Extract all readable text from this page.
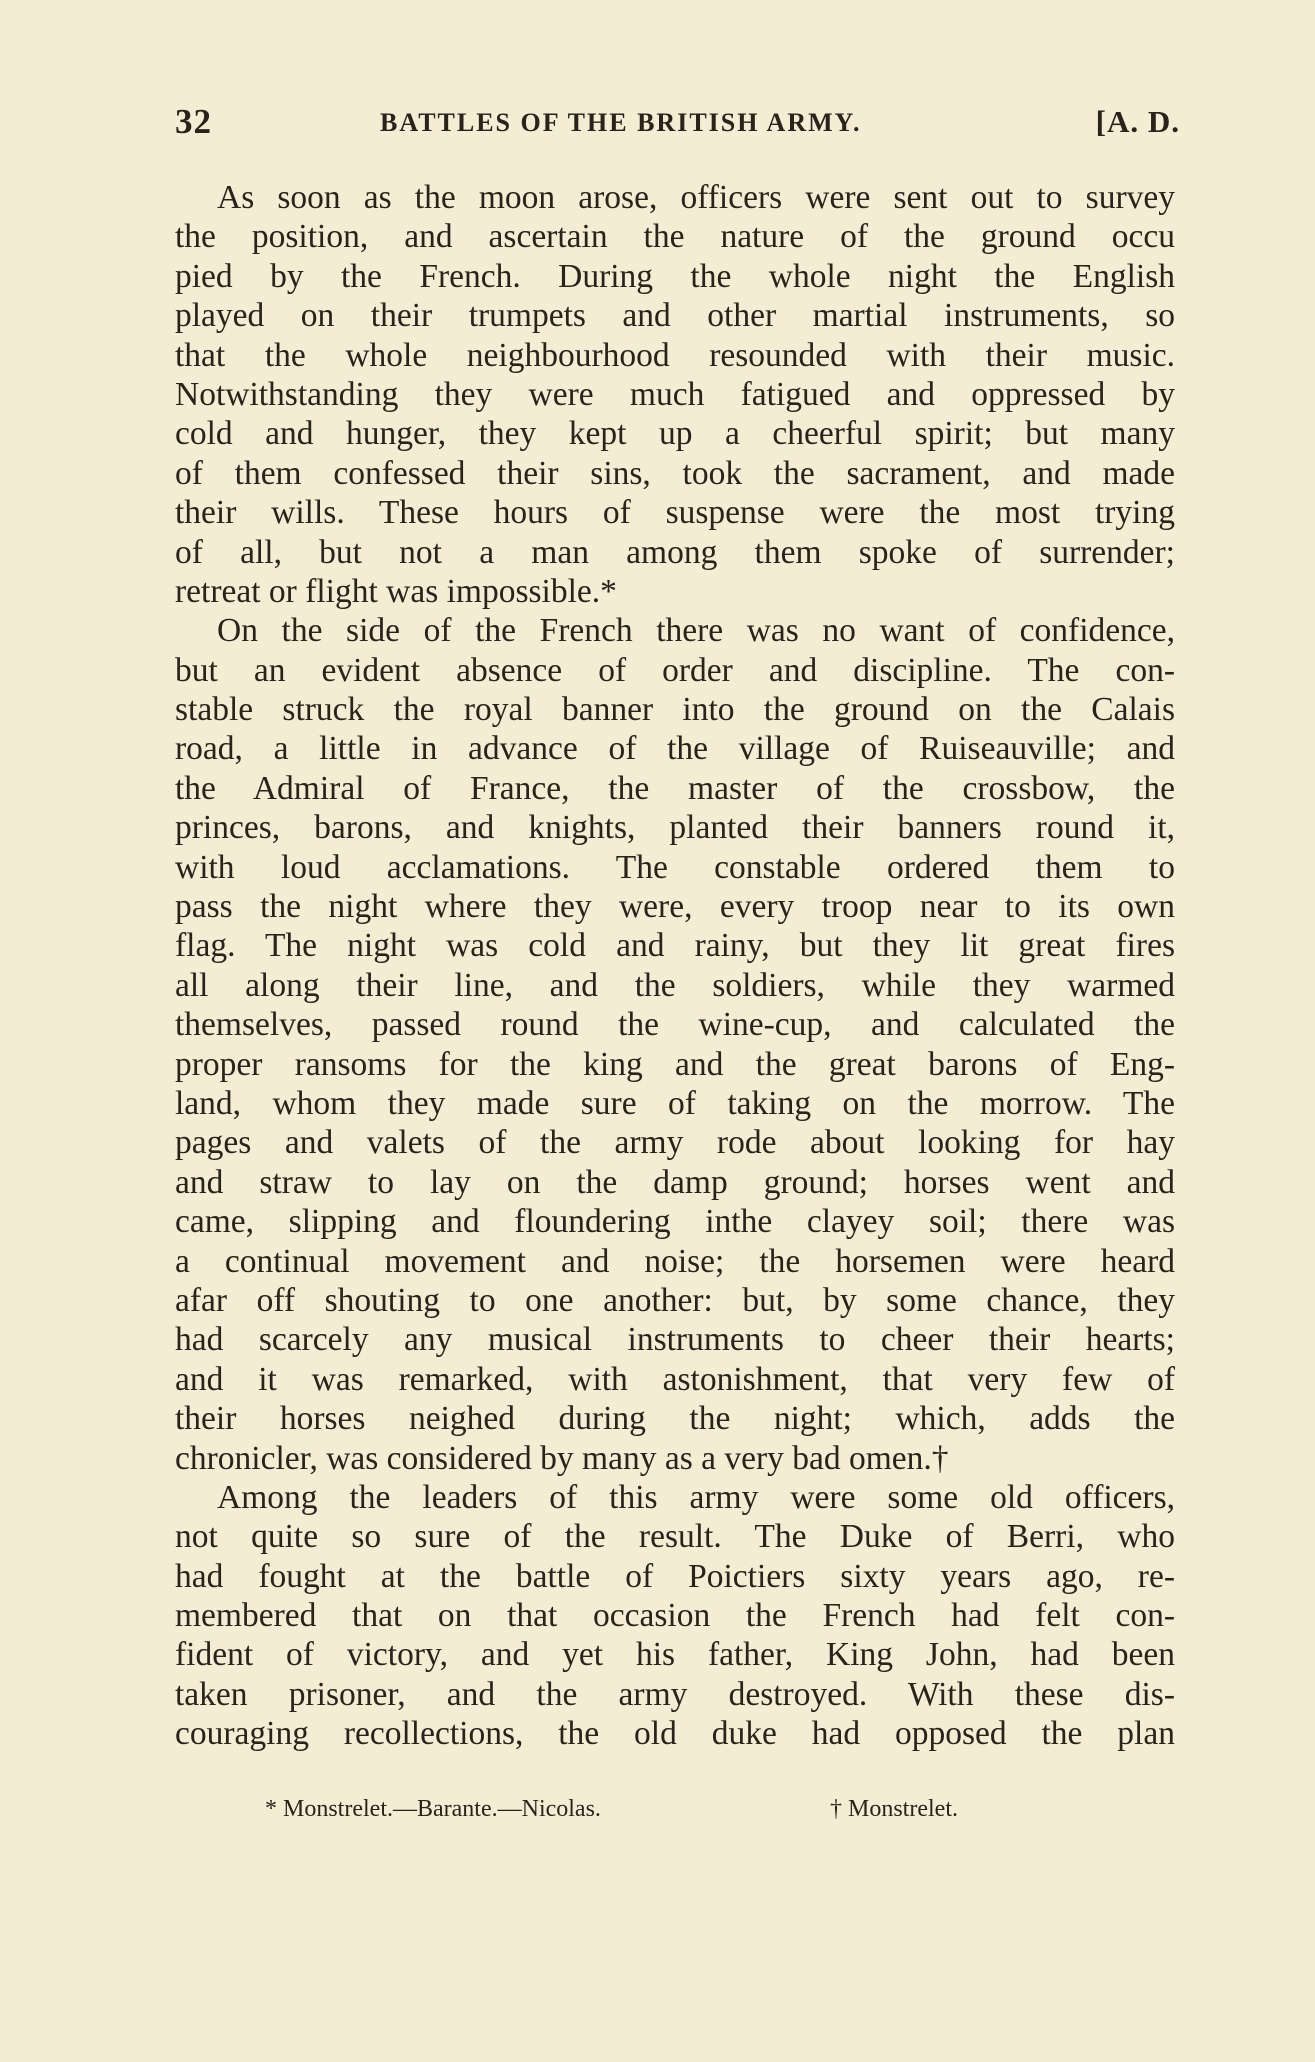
32	BATTLES OF THE BRITISH ARMY.	[A. D.
As soon as the moon arose, officers were sent out to survey
the position, and ascertain the nature of the ground occu
pied by the French. During the whole night the English
played on their trumpets and other martial instruments, so
that the whole neighbourhood resounded with their music.
Notwithstanding they were much fatigued and oppressed by
cold and hunger, they kept up a cheerful spirit; but many
of them confessed their sins, took the sacrament, and made
their wills. These hours of suspense were the most trying
of all, but not a man among them spoke of surrender;
retreat or flight was impossible.*
On the side of the French there was no want of confidence,
but an evident absence of order and discipline. The con-
stable struck the royal banner into the ground on the Calais
road, a little in advance of the village of Ruiseauville; and
the Admiral of France, the master of the crossbow, the
princes, barons, and knights, planted their banners round it,
with loud acclamations. The constable ordered them to
pass the night where they were, every troop near to its own
flag. The night was cold and rainy, but they lit great fires
all along their line, and the soldiers, while they warmed
themselves, passed round the wine-cup, and calculated the
proper ransoms for the king and the great barons of Eng-
land, whom they made sure of taking on the morrow. The
pages and valets of the army rode about looking for hay
and straw to lay on the damp ground; horses went and
came, slipping and floundering inthe clayey soil; there was
a continual movement and noise; the horsemen were heard
afar off shouting to one another: but, by some chance, they
had scarcely any musical instruments to cheer their hearts;
and it was remarked, with astonishment, that very few of
their horses neighed during the night; which, adds the
chronicler, was considered by many as a very bad omen.†
Among the leaders of this army were some old officers,
not quite so sure of the result. The Duke of Berri, who
had fought at the battle of Poictiers sixty years ago, re-
membered that on that occasion the French had felt con-
fident of victory, and yet his father, King John, had been
taken prisoner, and the army destroyed. With these dis-
couraging recollections, the old duke had opposed the plan
* Monstrelet.—Barante.—Nicolas.	† Monstrelet.
